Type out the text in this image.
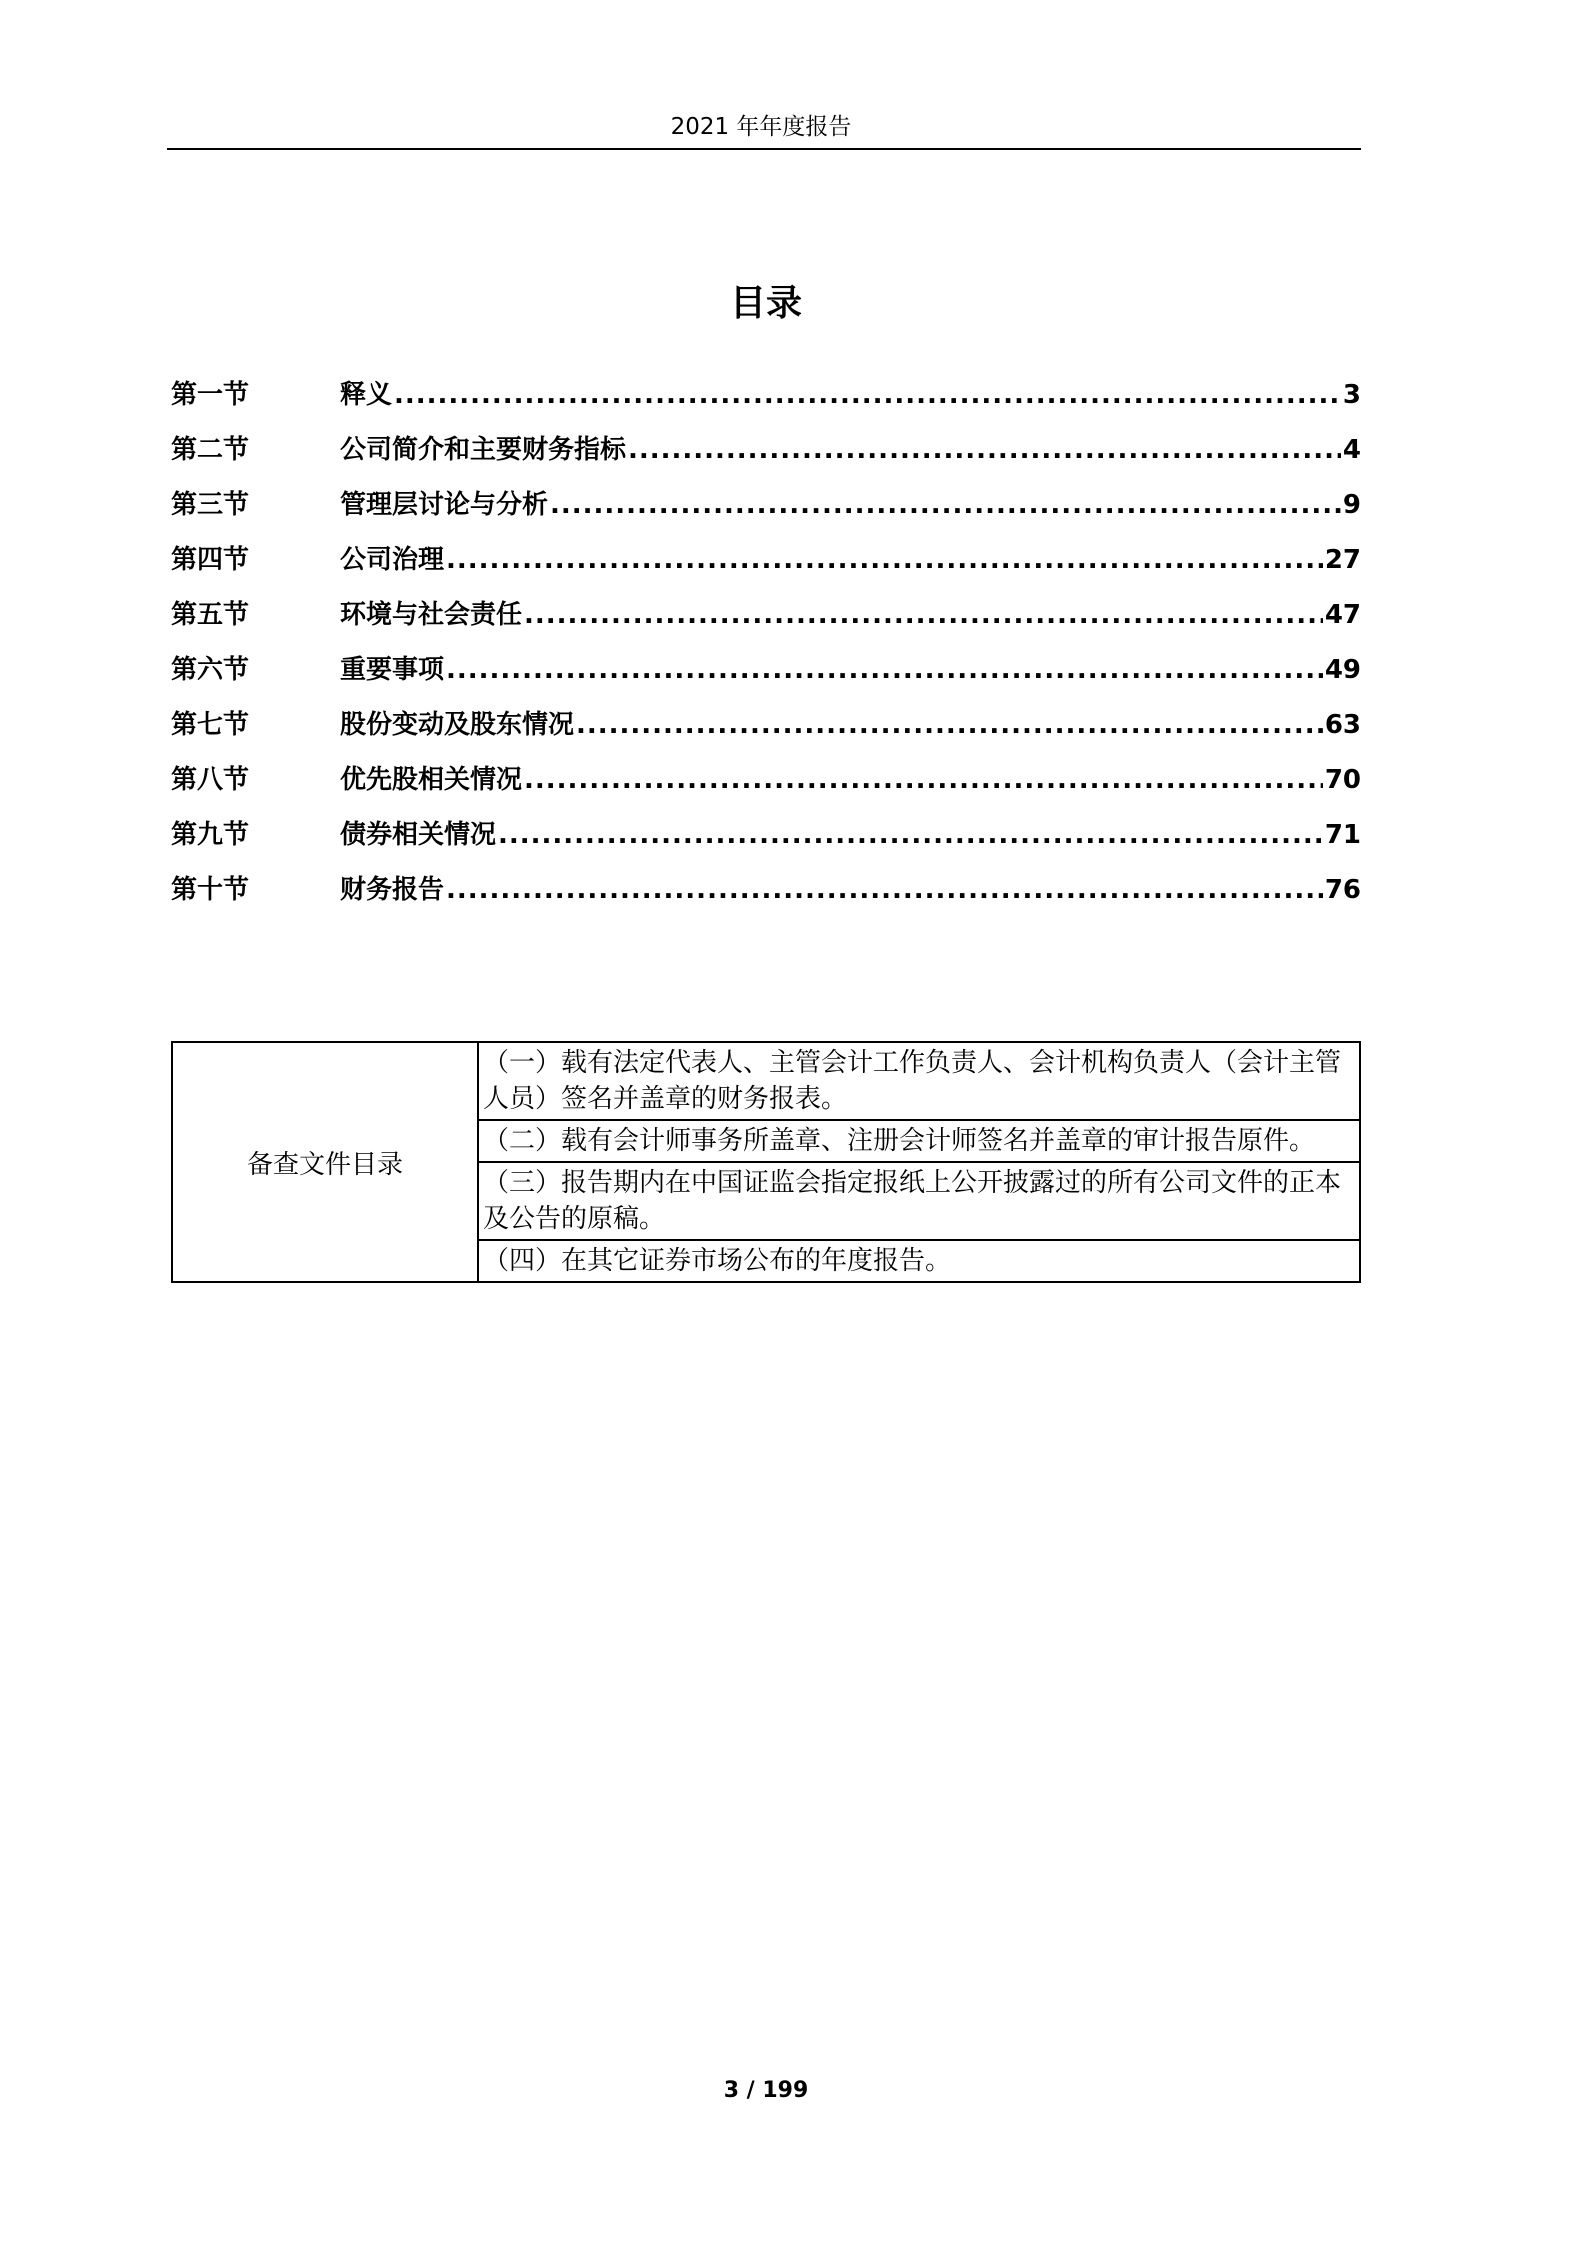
2021 年年度报告
目录
第一节	释义 .....	3
第二节	公司简介和主要财务指标 .....	4
第三节	管理层讨论与分析 .....	9
第四节	公司治理 .....	27
第五节	环境与社会责任 .....	47
第六节	重要事项 .....	49
第七节	股份变动及股东情况 .....	63
第八节	优先股相关情况 .....	70
第九节	债券相关情况 .....	71
第十节	财务报告 .....	76
备查文件目录	（一）载有法定代表人、主管会计工作负责人、会计机构负责人（会计主管人员）签名并盖章的财务报表。
（二）载有会计师事务所盖章、注册会计师签名并盖章的审计报告原件。
（三）报告期内在中国证监会指定报纸上公开披露过的所有公司文件的正本及公告的原稿。
（四）在其它证券市场公布的年度报告。
3 / 199
